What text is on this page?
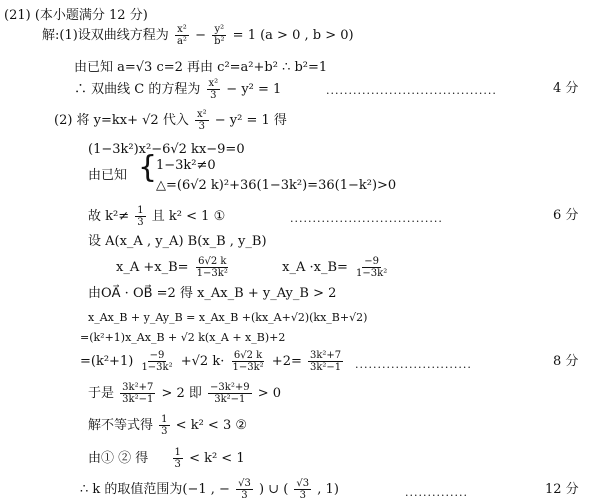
(21) (本小题满分 12 分)
解:(1)设双曲线方程为 $\frac{\text{x²}}{\text{a²}} - \frac{\text{y²}}{\text{b²}} = 1$ (a > 0 , b > 0)
由已知 a=√3 c=2 再由 c²=a²+b² ∴ b²=1
∴ 双曲线 C 的方程为 $\frac{\text{x²}}{3} - y^2 = 1$	......................................	4 分
(2) 将 y=kx+ √2 代入 $\frac{\text{x²}}{3} - y^2 = 1$ 得
(1−3k²)x²−6√2 kx−9=0
由已知 {
1−3k²≠0
△=(6√2 k)²+36(1−3k²)=36(1−k²)>0
故 $k^2\ne \frac{1}{3}$ 且 k² < 1 ①	..................................	6 分
设 A(x_A , y_A) B(x_B , y_B)
x_A +x_B= $\frac{6√2 k}{\text{1−3k²}}$	x_A ·x_B= $\frac{-9}{\text{1−3k²}}$
由OA⃗ · OB⃗ =2 得 x_Ax_B + y_Ay_B > 2
x_Ax_B + y_Ay_B = x_Ax_B +(kx_A+√2)(kx_B+√2)
=(k²+1)x_Ax_B + √2 k(x_A + x_B)+2
$=(k^2+1) \frac{-9}{\text{1−3k²}} +√2$ $k\cdot \frac{6√2 k}{\text{1−3k²}} +2= \frac{\text{3k²+7}}{\text{3k²−1}}$ ..........................	8 分
于是 $\frac{\text{3k²+7}}{\text{3k²−1}} > 2$ 即 $\frac{\text{−3k²+9}}{\text{3k²−1}} > 0$
解不等式得 $\frac{1}{3} < k^2 < 3$ ②
由① ② 得 $\frac{1}{3} < k^2 < 1$
∴ k 的取值范围为(−1 , − $\frac{√3}{3}$ ) ∪ ( $\frac{√3}{3}$ , 1)	..............	12 分
